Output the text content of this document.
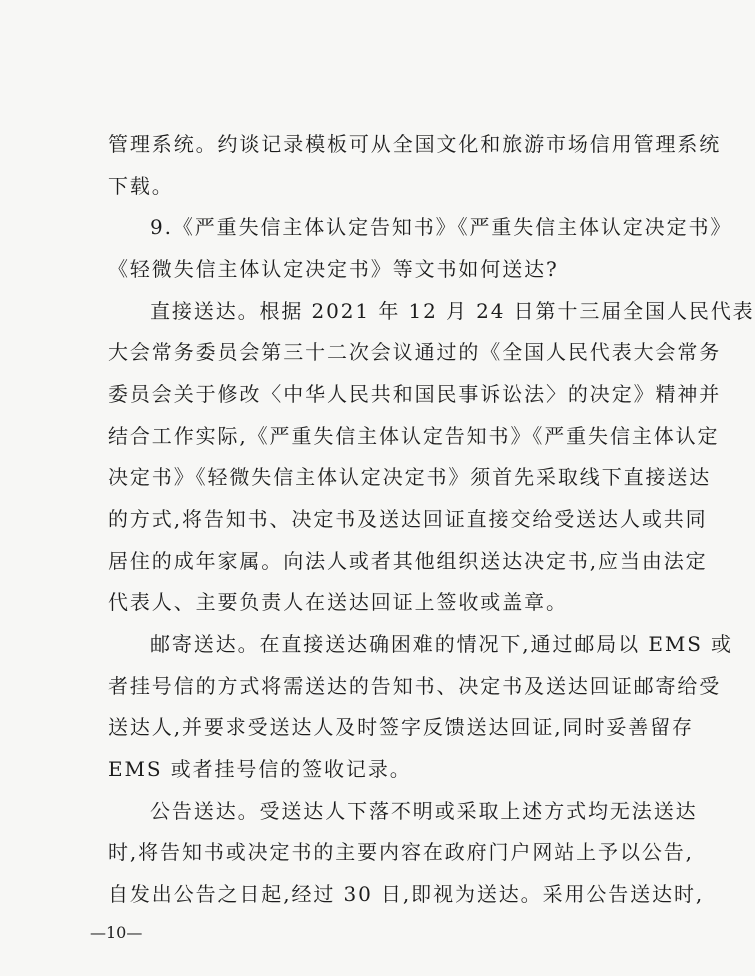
管理系统。约谈记录模板可从全国文化和旅游市场信用管理系统
下载。
9.《严重失信主体认定告知书》《严重失信主体认定决定书》
《轻微失信主体认定决定书》等文书如何送达?
直接送达。根据 2021 年 12 月 24 日第十三届全国人民代表
大会常务委员会第三十二次会议通过的《全国人民代表大会常务
委员会关于修改〈中华人民共和国民事诉讼法〉的决定》精神并
结合工作实际,《严重失信主体认定告知书》《严重失信主体认定
决定书》《轻微失信主体认定决定书》须首先采取线下直接送达
的方式,将告知书、决定书及送达回证直接交给受送达人或共同
居住的成年家属。向法人或者其他组织送达决定书,应当由法定
代表人、主要负责人在送达回证上签收或盖章。
邮寄送达。在直接送达确困难的情况下,通过邮局以 EMS 或
者挂号信的方式将需送达的告知书、决定书及送达回证邮寄给受
送达人,并要求受送达人及时签字反馈送达回证,同时妥善留存
EMS 或者挂号信的签收记录。
公告送达。受送达人下落不明或采取上述方式均无法送达
时,将告知书或决定书的主要内容在政府门户网站上予以公告,
自发出公告之日起,经过 30 日,即视为送达。采用公告送达时,
—10—
